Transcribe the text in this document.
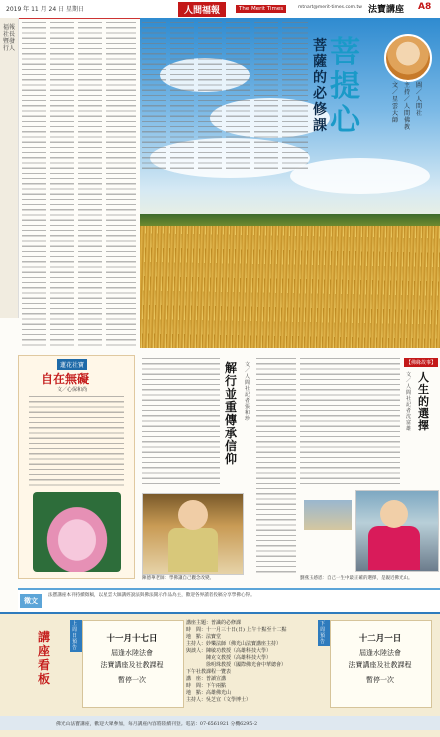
2019 年 11 月 24 日 星期日	人間福報	The Merit Times	mtnart@merit-times.com.tw 法寶講座 A8
福報社長暨發行人	菩提心
菩薩的必修課
文／星雲大師
主持／人間佛教
圖／人間社
蓮花社寶
自在無礙
文／心保和尚
解行並重 傳承信仰
文／人間社記者張和珍
陳德華老師：學佛讓自己觀念改變。
【佛緣故事】
人生的選擇
文／人間社記者沈富雄
劉燕玉感恩：自己一生中最正確的選擇，是親近佛光山。
徵文
法寶講座本刊持續徵稿，以星雲大師講經說法與佛法開示作品為主，歡迎各界讀者投稿分享學佛心得。
講座看板
上周日預告
十一月十七日
屆逢水陸法會
法寶講座及社教課程
暫停一次
講座主題：普識的必修課
時　間：十一月三十日(日) 上午十點至十二點
地　點：法寶堂
主持人：妙樂法師（佛光山法寶講座主持）
與談人：陳敏功教授（高雄科技大學）
　　　　陳克文教授（高雄科技大學）
　　　　徐明珠教授（國際佛光會中華總會）
下午社教課程一覽表
講　座：普讀宣講
時　間：下午兩點
地　點：高雄佛光山
主持人：吳芝宜（文學博士）
下周預告	十二月一日
屆逢水陸法會
法寶講座及社教課程
暫停一次
佛光山法寶講座，歡迎大眾參加，每月講座內容將陸續刊登。電話：07-6561921 分機6295-2
